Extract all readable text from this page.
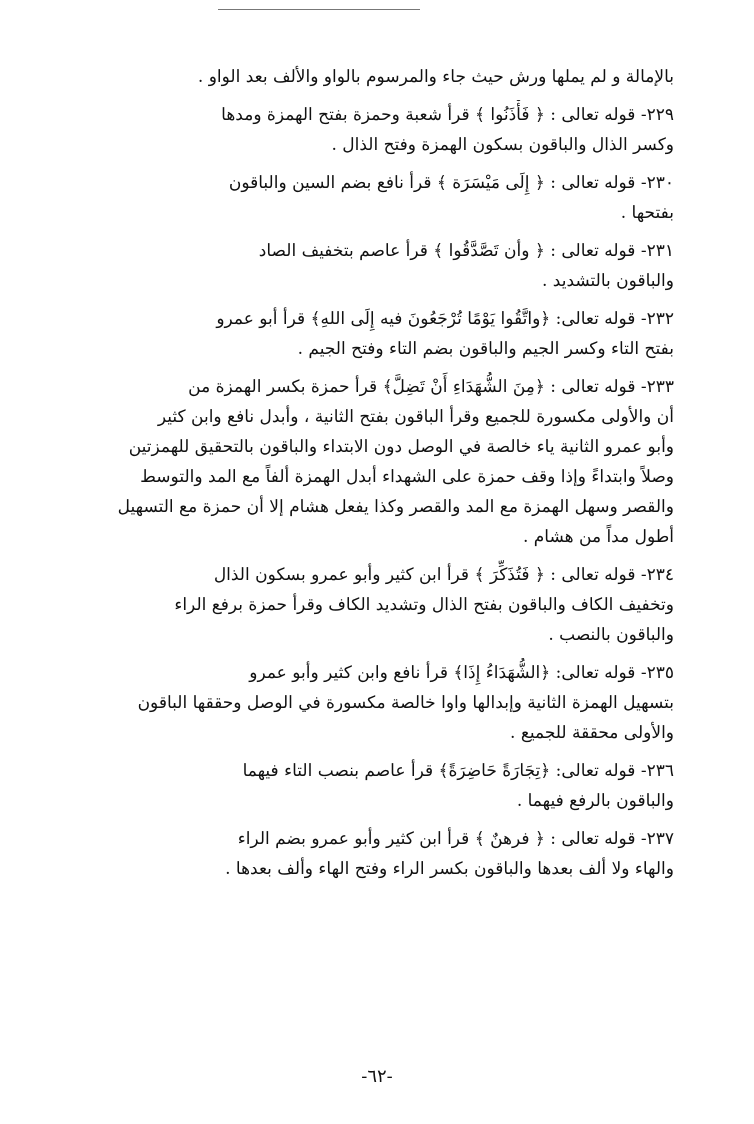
بالإمالة و لم يملها ورش حيث جاء والمرسوم بالواو والألف بعد الواو .
٢٢٩- قوله تعالى : ﴿ فَأْذَنُوا ﴾ قرأ شعبة وحمزة بفتح الهمزة ومدها
وكسر الذال والباقون بسكون الهمزة وفتح الذال .
٢٣٠- قوله تعالى : ﴿ إِلَى مَيْسَرَة ﴾ قرأ نافع بضم السين والباقون
بفتحها .
٢٣١- قوله تعالى : ﴿ وأن تَصَّدَّقُوا ﴾ قرأ عاصم بتخفيف الصاد
والباقون بالتشديد .
٢٣٢- قوله تعالى: ﴿واتَّقُوا يَوْمًا تُرْجَعُونَ فيه إِلَى اللهِ﴾ قرأ أبو عمرو
بفتح التاء وكسر الجيم والباقون بضم التاء وفتح الجيم .
٢٣٣- قوله تعالى : ﴿مِنَ الشُّهَدَاءِ أَنْ تَضِلَّ﴾ قرأ حمزة بكسر الهمزة من
أن والأولى مكسورة للجميع وقرأ الباقون بفتح الثانية ، وأبدل نافع وابن كثير
وأبو عمرو الثانية ياء خالصة في الوصل دون الابتداء والباقون بالتحقيق للهمزتين
وصلاً وابتداءً وإذا وقف حمزة على الشهداء أبدل الهمزة ألفاً مع المد والتوسط
والقصر وسهل الهمزة مع المد والقصر وكذا يفعل هشام إلا أن حمزة مع التسهيل
أطول مداً من هشام .
٢٣٤- قوله تعالى : ﴿ فَتُذَكِّرَ ﴾ قرأ ابن كثير وأبو عمرو بسكون الذال
وتخفيف الكاف والباقون بفتح الذال وتشديد الكاف وقرأ حمزة برفع الراء
والباقون بالنصب .
٢٣٥- قوله تعالى: ﴿الشُّهَدَاءُ إِذَا﴾ قرأ نافع وابن كثير وأبو عمرو
بتسهيل الهمزة الثانية وإبدالها واوا خالصة مكسورة في الوصل وحققها الباقون
والأولى محققة للجميع .
٢٣٦- قوله تعالى: ﴿تِجَارَةً حَاضِرَةً﴾ قرأ عاصم بنصب التاء فيهما
والباقون بالرفع فيهما .
٢٣٧- قوله تعالى : ﴿ فرهنٌ ﴾ قرأ ابن كثير وأبو عمرو بضم الراء
والهاء ولا ألف بعدها والباقون بكسر الراء وفتح الهاء وألف بعدها .
-٦٢-
